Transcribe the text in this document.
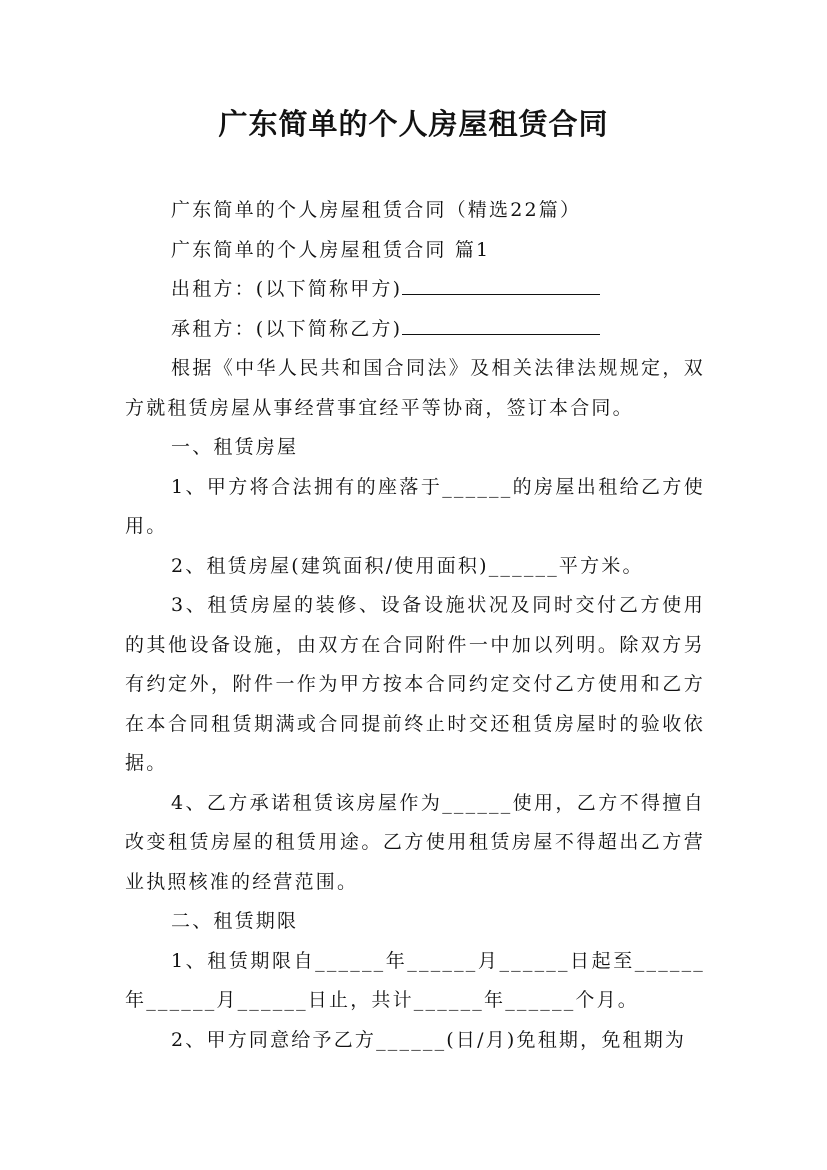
广东简单的个人房屋租赁合同

广东简单的个人房屋租赁合同（精选22篇）

广东简单的个人房屋租赁合同 篇1

出租方：(以下简称甲方)

承租方：(以下简称乙方)

根据《中华人民共和国合同法》及相关法律法规规定，双方就租赁房屋从事经营事宜经平等协商，签订本合同。

一、租赁房屋

1、甲方将合法拥有的座落于______的房屋出租给乙方使用。

2、租赁房屋(建筑面积/使用面积)______平方米。

3、租赁房屋的装修、设备设施状况及同时交付乙方使用的其他设备设施，由双方在合同附件一中加以列明。除双方另有约定外，附件一作为甲方按本合同约定交付乙方使用和乙方在本合同租赁期满或合同提前终止时交还租赁房屋时的验收依据。

4、乙方承诺租赁该房屋作为______使用，乙方不得擅自改变租赁房屋的租赁用途。乙方使用租赁房屋不得超出乙方营业执照核准的经营范围。

二、租赁期限

1、租赁期限自______年______月______日起至______年______月______日止，共计______年______个月。

2、甲方同意给予乙方______(日/月)免租期，免租期为
